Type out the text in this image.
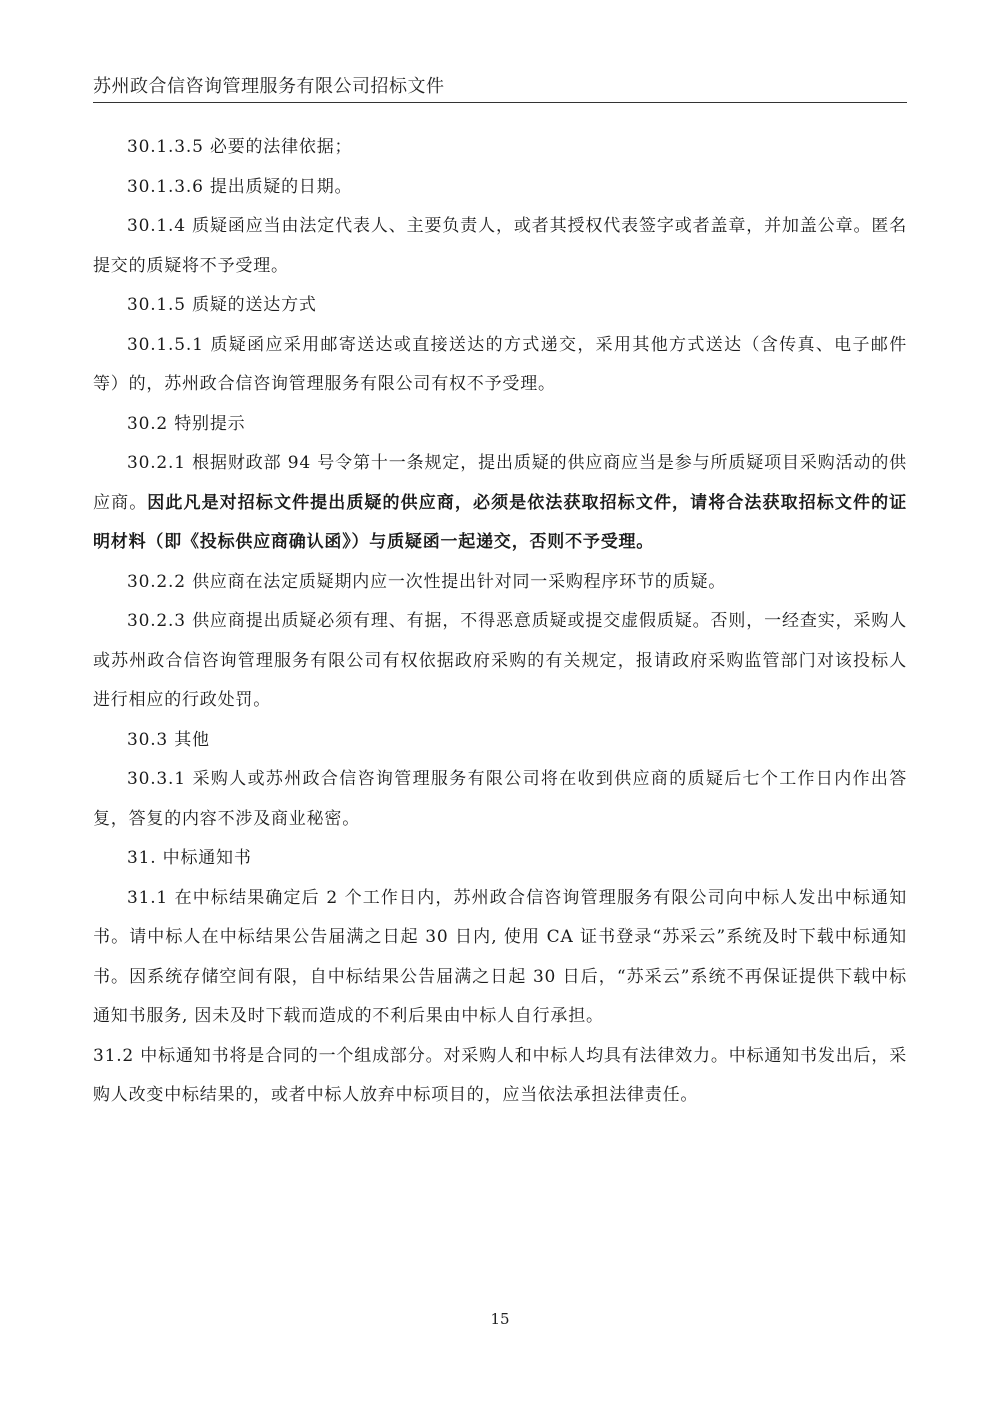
苏州政合信咨询管理服务有限公司招标文件

30.1.3.5 必要的法律依据；

30.1.3.6 提出质疑的日期。

30.1.4 质疑函应当由法定代表人、主要负责人，或者其授权代表签字或者盖章，并加盖公章。匿名提交的质疑将不予受理。

30.1.5 质疑的送达方式

30.1.5.1 质疑函应采用邮寄送达或直接送达的方式递交，采用其他方式送达（含传真、电子邮件等）的，苏州政合信咨询管理服务有限公司有权不予受理。

30.2 特别提示

30.2.1 根据财政部 94 号令第十一条规定，提出质疑的供应商应当是参与所质疑项目采购活动的供应商。因此凡是对招标文件提出质疑的供应商，必须是依法获取招标文件，请将合法获取招标文件的证明材料（即《投标供应商确认函》）与质疑函一起递交，否则不予受理。

30.2.2 供应商在法定质疑期内应一次性提出针对同一采购程序环节的质疑。

30.2.3 供应商提出质疑必须有理、有据，不得恶意质疑或提交虚假质疑。否则，一经查实，采购人或苏州政合信咨询管理服务有限公司有权依据政府采购的有关规定，报请政府采购监管部门对该投标人进行相应的行政处罚。

30.3 其他

30.3.1 采购人或苏州政合信咨询管理服务有限公司将在收到供应商的质疑后七个工作日内作出答复，答复的内容不涉及商业秘密。

31. 中标通知书

31.1 在中标结果确定后 2 个工作日内，苏州政合信咨询管理服务有限公司向中标人发出中标通知书。请中标人在中标结果公告届满之日起 30 日内, 使用 CA 证书登录“苏采云”系统及时下载中标通知书。因系统存储空间有限，自中标结果公告届满之日起 30 日后，“苏采云”系统不再保证提供下载中标通知书服务, 因未及时下载而造成的不利后果由中标人自行承担。

31.2 中标通知书将是合同的一个组成部分。对采购人和中标人均具有法律效力。中标通知书发出后，采购人改变中标结果的，或者中标人放弃中标项目的，应当依法承担法律责任。

15
